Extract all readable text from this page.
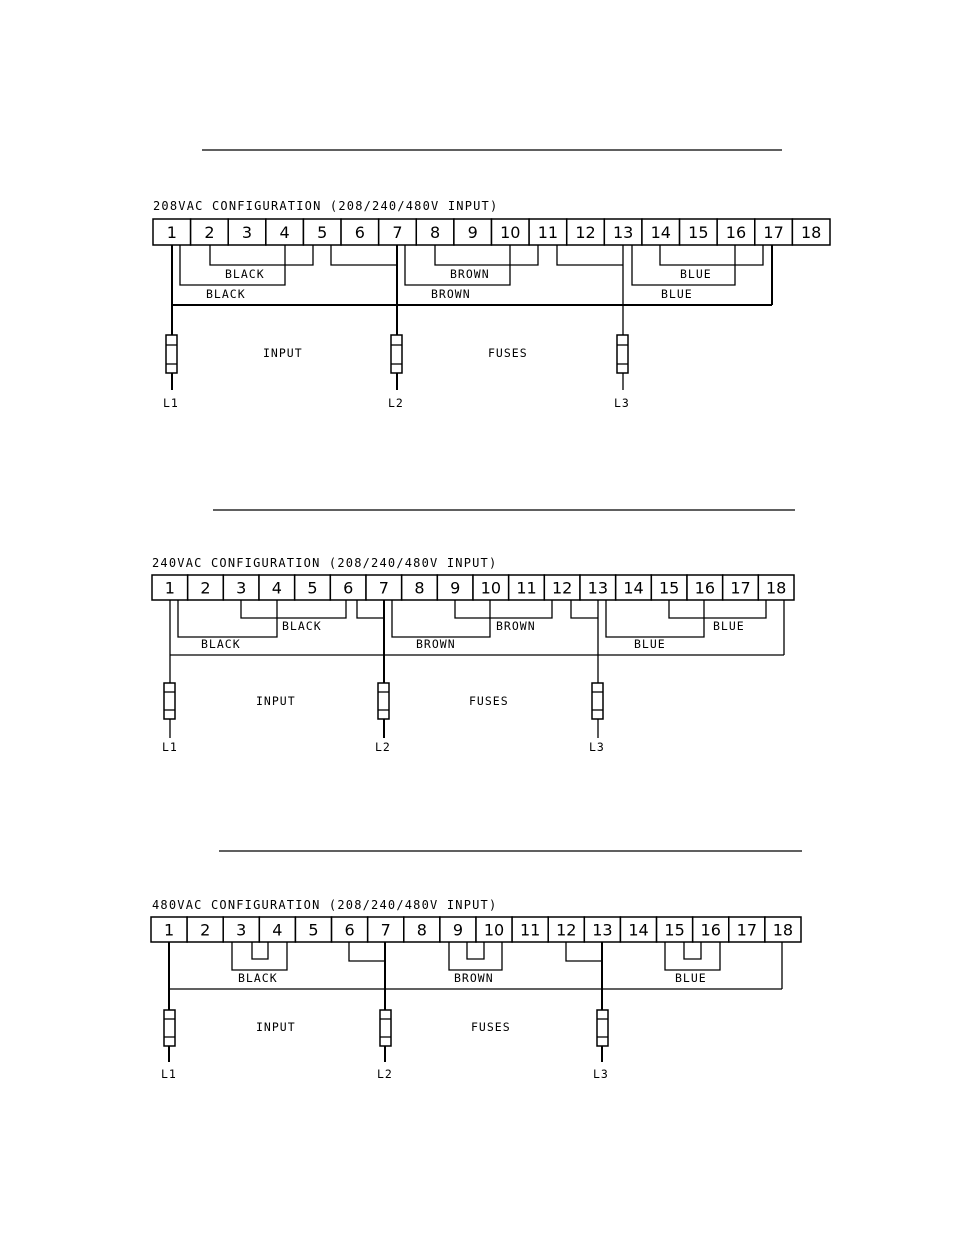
208VAC CONFIGURATION (208/240/480V INPUT)
1 2 3 4 5 6 7 8 9 10 11 12 13 14 15 16 17 18
BLACK	BROWN	BLUE
BLACK	BROWN	BLUE
INPUT	FUSES
L1	L2	L3
240VAC CONFIGURATION (208/240/480V INPUT)
1 2 3 4 5 6 7 8 9 10 11 12 13 14 15 16 17 18
BLACK	BROWN	BLUE
BLACK	BROWN	BLUE
INPUT	FUSES
L1	L2	L3
480VAC CONFIGURATION (208/240/480V INPUT)
1 2 3 4 5 6 7 8 9 10 11 12 13 14 15 16 17 18
BLACK	BROWN	BLUE
INPUT	FUSES
L1	L2	L3
